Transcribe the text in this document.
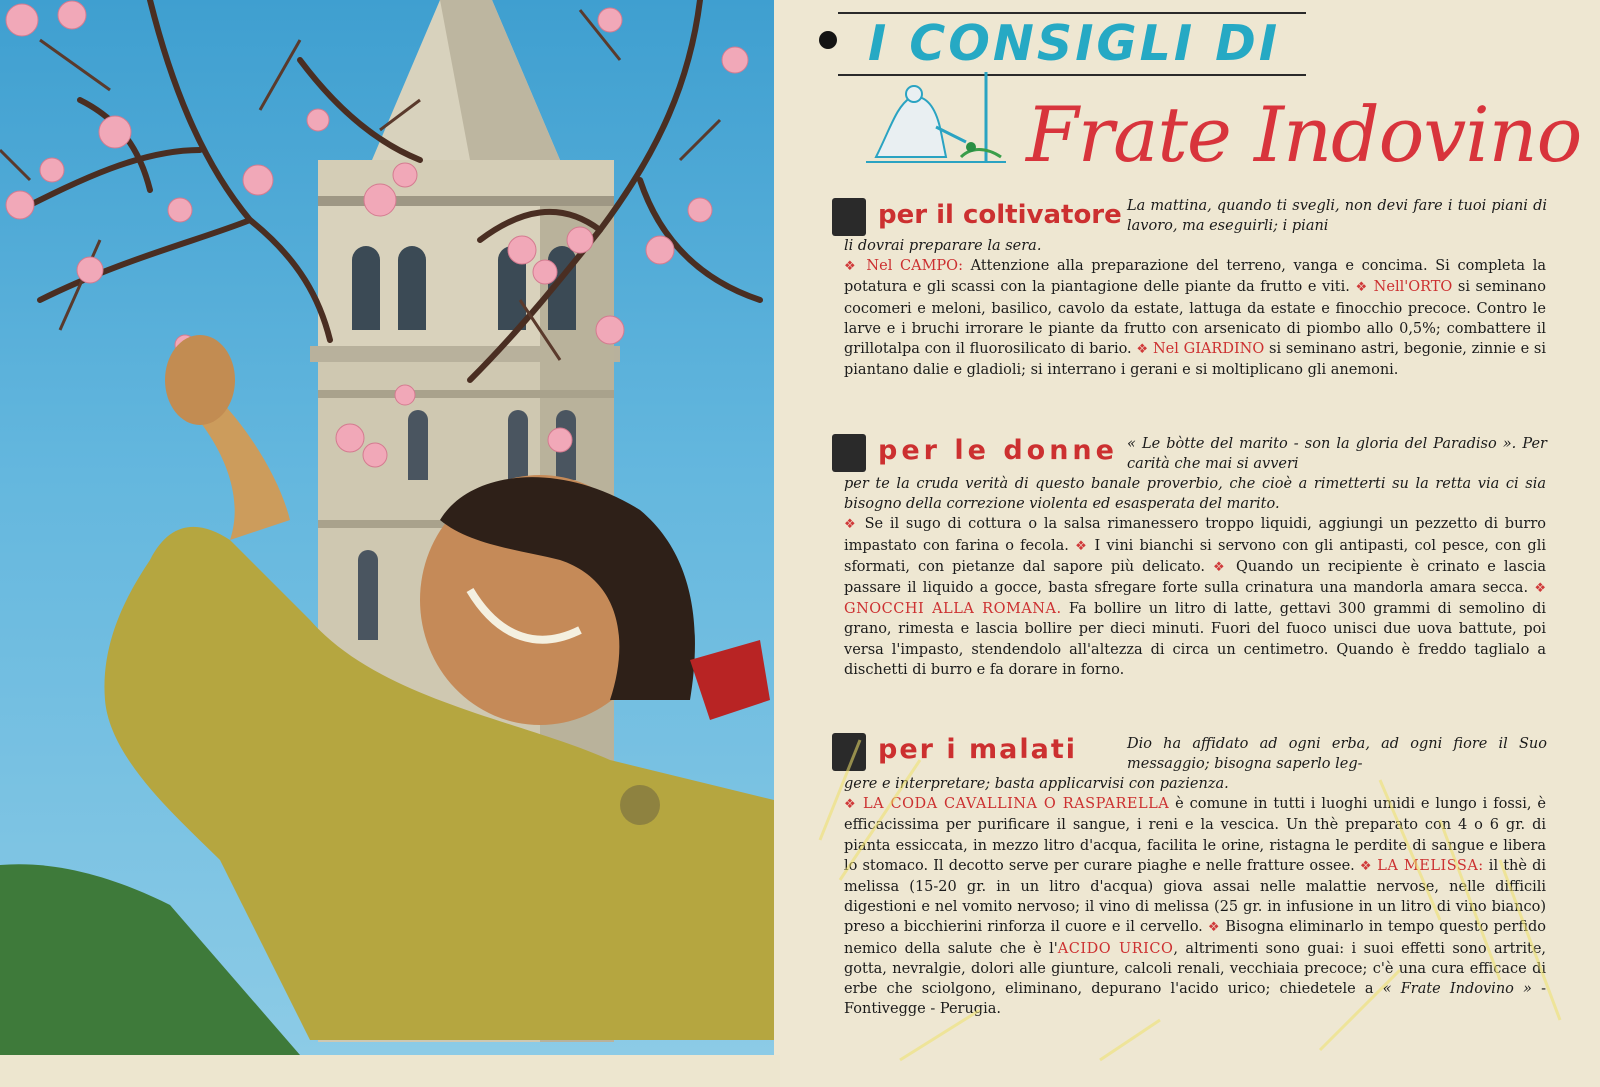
I CONSIGLI DI
Frate Indovino
per il coltivatore La mattina, quando ti svegli, non devi fare i tuoi piani di lavoro, ma eseguirli; i piani

li dovrai preparare la sera.
❖ Nel CAMPO: Attenzione alla preparazione del terreno, vanga e concima. Si completa la potatura e gli scassi con la piantagione delle piante da frutto e viti. ❖ Nell'ORTO si seminano cocomeri e meloni, basilico, cavolo da estate, lattuga da estate e finocchio precoce. Contro le larve e i bruchi irrorare le piante da frutto con arsenicato di piombo allo 0,5%; combattere il grillotalpa con il fluorosilicato di bario. ❖ Nel GIARDINO si seminano astri, begonie, zinnie e si piantano dalie e gladioli; si interrano i gerani e si moltiplicano gli anemoni.

per le donne « Le bòtte del marito - son la gloria del Paradiso ». Per carità che mai si avveri

per te la cruda verità di questo banale proverbio, che cioè a rimetterti su la retta via ci sia bisogno della correzione violenta ed esasperata del marito.
❖ Se il sugo di cottura o la salsa rimanessero troppo liquidi, aggiungi un pezzetto di burro impastato con farina o fecola. ❖ I vini bianchi si servono con gli antipasti, col pesce, con gli sformati, con pietanze dal sapore più delicato. ❖ Quando un recipiente è crinato e lascia passare il liquido a gocce, basta sfregare forte sulla crinatura una mandorla amara secca. ❖ GNOCCHI ALLA ROMANA. Fa bollire un litro di latte, gettavi 300 grammi di semolino di grano, rimesta e lascia bollire per dieci minuti. Fuori del fuoco unisci due uova battute, poi versa l'impasto, stendendolo all'altezza di circa un centimetro. Quando è freddo taglialo a dischetti di burro e fa dorare in forno.

per i malati	Dio ha affidato ad ogni erba, ad ogni fiore il Suo messaggio; bisogna saperlo leg-

gere e interpretare; basta applicarvisi con pazienza.
❖ LA CODA CAVALLINA O RASPARELLA è comune in tutti i luoghi umidi e lungo i fossi, è efficacissima per purificare il sangue, i reni e la vescica. Un thè preparato con 4 o 6 gr. di pianta essiccata, in mezzo litro d'acqua, facilita le orine, ristagna le perdite di sangue e libera lo stomaco. Il decotto serve per curare piaghe e nelle fratture ossee. ❖ LA MELISSA: il thè di melissa (15-20 gr. in un litro d'acqua) giova assai nelle malattie nervose, nelle difficili digestioni e nel vomito nervoso; il vino di melissa (25 gr. in infusione in un litro di vino bianco) preso a bicchierini rinforza il cuore e il cervello. ❖ Bisogna eliminarlo in tempo questo perfido nemico della salute che è l'ACIDO URICO, altrimenti sono guai: i suoi effetti sono artrite, gotta, nevralgie, dolori alle giunture, calcoli renali, vecchiaia precoce; c'è una cura efficace di erbe che sciolgono, eliminano, depurano l'acido urico; chiedetele a « Frate Indovino » - Fontivegge - Perugia.
